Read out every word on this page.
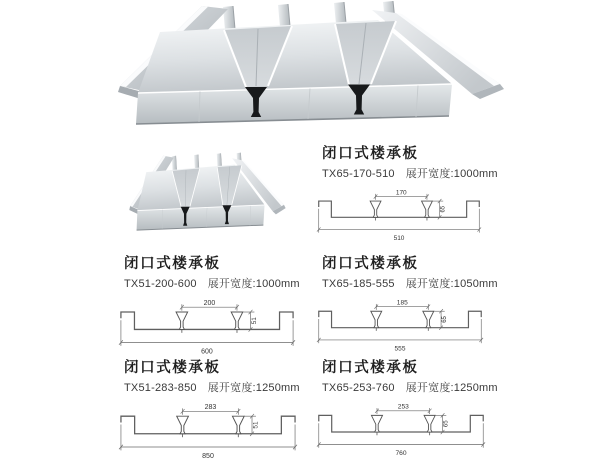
闭口式楼承板

TX65-170-510 展开宽度:1000mm

170
65
510
闭口式楼承板

TX51-200-600 展开宽度:1000mm

200
51
600
闭口式楼承板

TX65-185-555 展开宽度:1050mm

185
65
555
闭口式楼承板

TX51-283-850 展开宽度:1250mm

283
51
850
闭口式楼承板

TX65-253-760 展开宽度:1250mm

253
65
760
